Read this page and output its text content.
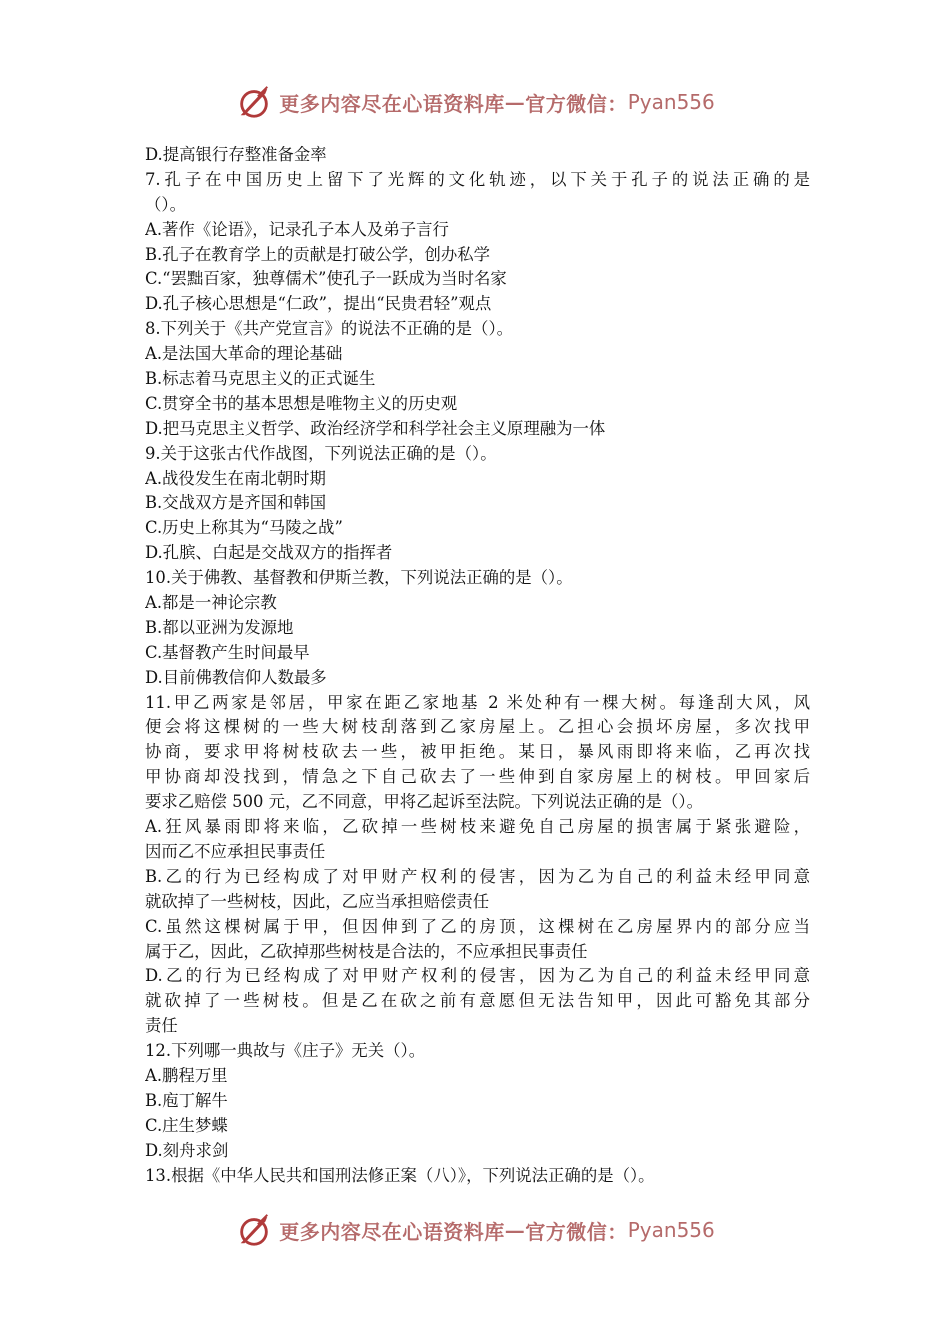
更多内容尽在心语资料库 — 官方微信： Pyan556
D.提高银行存整准备金率
7.孔子在中国历史上留下了光辉的文化轨迹，以下关于孔子的说法正确的是
（）。
A.著作《论语》，记录孔子本人及弟子言行
B.孔子在教育学上的贡献是打破公学，创办私学
C.“罢黜百家，独尊儒术”使孔子一跃成为当时名家
D.孔子核心思想是“仁政”，提出“民贵君轻”观点
8.下列关于《共产党宣言》的说法不正确的是（）。
A.是法国大革命的理论基础
B.标志着马克思主义的正式诞生
C.贯穿全书的基本思想是唯物主义的历史观
D.把马克思主义哲学、政治经济学和科学社会主义原理融为一体
9.关于这张古代作战图，下列说法正确的是（）。
A.战役发生在南北朝时期
B.交战双方是齐国和韩国
C.历史上称其为“马陵之战”
D.孔膑、白起是交战双方的指挥者
10.关于佛教、基督教和伊斯兰教，下列说法正确的是（）。
A.都是一神论宗教
B.都以亚洲为发源地
C.基督教产生时间最早
D.目前佛教信仰人数最多
11.甲乙两家是邻居，甲家在距乙家地基 2 米处种有一棵大树。每逢刮大风，风
便会将这棵树的一些大树枝刮落到乙家房屋上。乙担心会损坏房屋，多次找甲
协商，要求甲将树枝砍去一些，被甲拒绝。某日，暴风雨即将来临，乙再次找
甲协商却没找到，情急之下自己砍去了一些伸到自家房屋上的树枝。甲回家后
要求乙赔偿 500 元，乙不同意，甲将乙起诉至法院。下列说法正确的是（）。
A.狂风暴雨即将来临，乙砍掉一些树枝来避免自己房屋的损害属于紧张避险，
因而乙不应承担民事责任
B.乙的行为已经构成了对甲财产权利的侵害，因为乙为自己的利益未经甲同意
就砍掉了一些树枝，因此，乙应当承担赔偿责任
C.虽然这棵树属于甲，但因伸到了乙的房顶，这棵树在乙房屋界内的部分应当
属于乙，因此，乙砍掉那些树枝是合法的，不应承担民事责任
D.乙的行为已经构成了对甲财产权利的侵害，因为乙为自己的利益未经甲同意
就砍掉了一些树枝。但是乙在砍之前有意愿但无法告知甲，因此可豁免其部分
责任
12.下列哪一典故与《庄子》无关（）。
A.鹏程万里
B.庖丁解牛
C.庄生梦蝶
D.刻舟求剑
13.根据《中华人民共和国刑法修正案（八）》，下列说法正确的是（）。
更多内容尽在心语资料库 — 官方微信： Pyan556
